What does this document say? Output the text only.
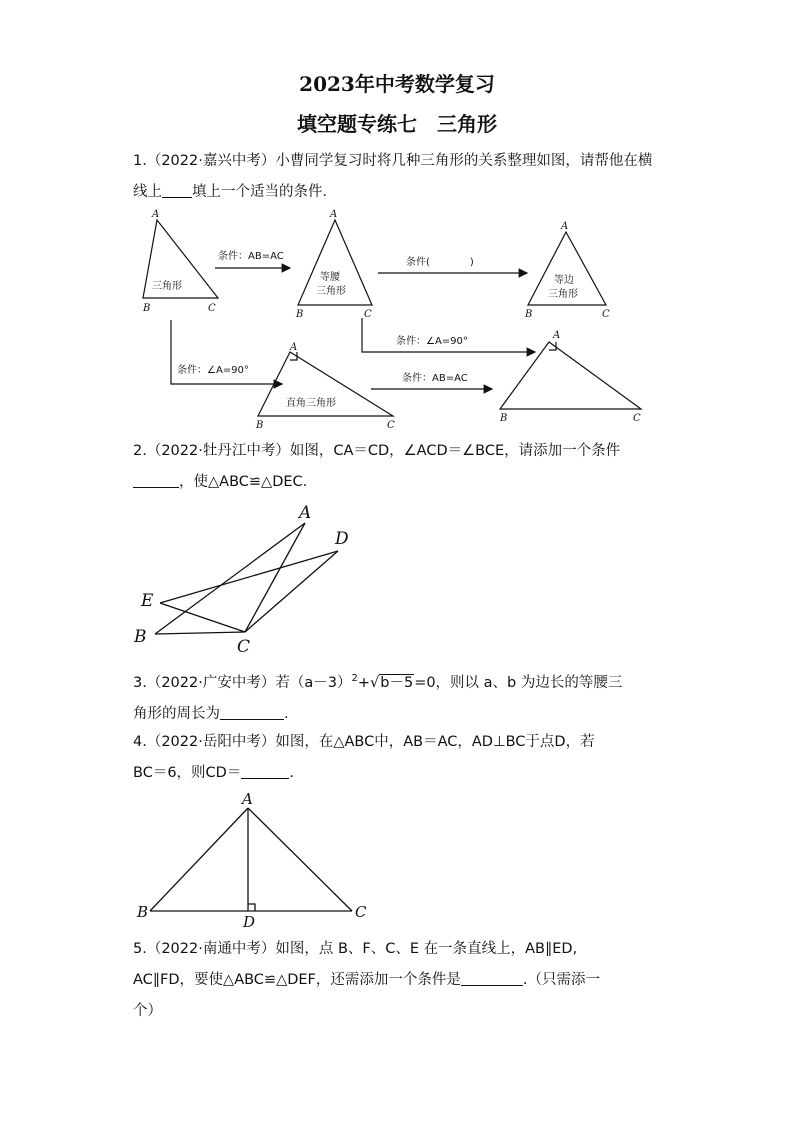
2023年中考数学复习
填空题专练七　三角形
1.（2022·嘉兴中考）小曹同学复习时将几种三角形的关系整理如图，请帮他在横线上 填上一个适当的条件．
A
B	C
A
B	C
A
B	C
A
B	C
A
B	C
三角形
等腰
三角形
等边
三角形
直角三角形
条件：AB=AC
条件(　　　　)
条件：∠A=90°
条件：∠A=90°
条件：AB=AC
2.（2022·牡丹江中考）如图，CA＝CD，∠ACD＝∠BCE，请添加一个条件
，使△ABC≌△DEC.
A
D
E
B	C
3.（2022·广安中考）若$(a-3)^2+√b-5=0$，则以 a、b 为边长的等腰三
角形的周长为	.
4.（2022·岳阳中考）如图，在△ABC中，AB＝AC，AD⊥BC于点D，若
BC＝6，则CD＝	.
A
B	C
D
5.（2022·南通中考）如图，点 B、F、C、E 在一条直线上，AB∥ED,
AC∥FD，要使△ABC≌△DEF，还需添加一个条件是	.（只需添一
个）
